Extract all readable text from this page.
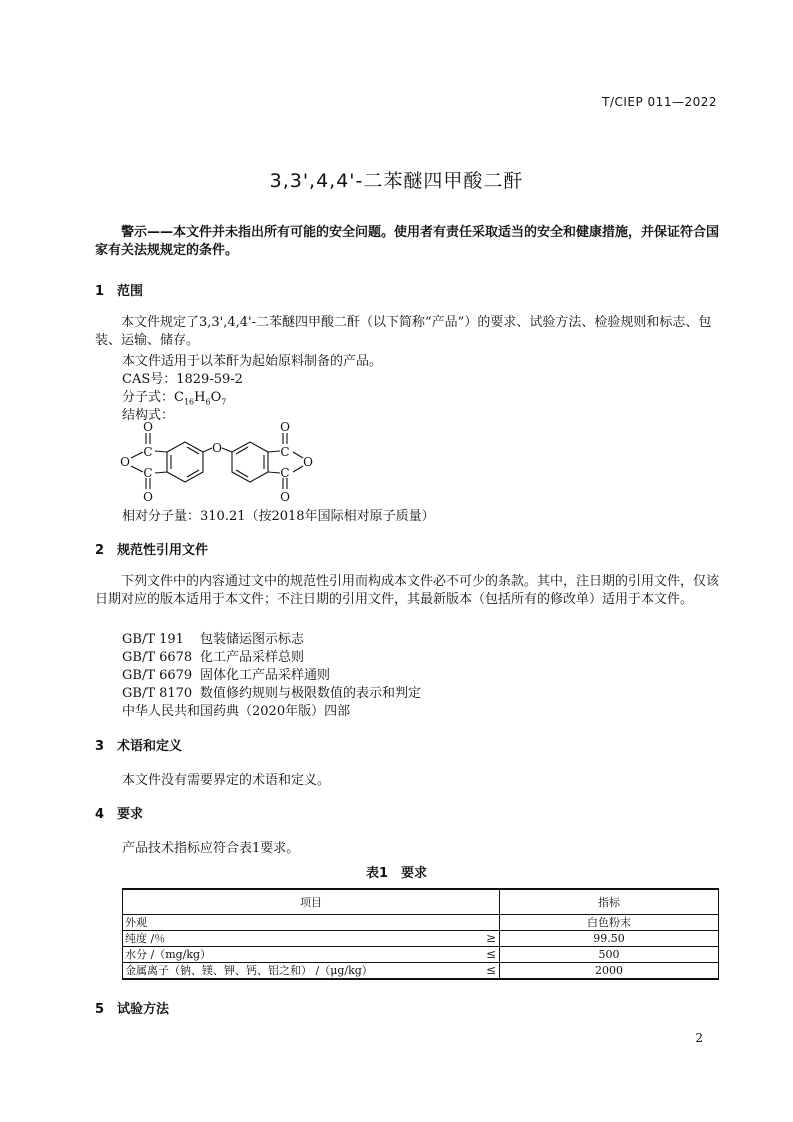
T/CIEP 011—2022
3,3',4,4'-二苯醚四甲酸二酐
警示——本文件并未指出所有可能的安全问题。使用者有责任采取适当的安全和健康措施，并保证符合国家有关法规规定的条件。
1 范围
本文件规定了3,3',4,4'-二苯醚四甲酸二酐（以下简称“产品”）的要求、试验方法、检验规则和标志、包装、运输、储存。
本文件适用于以苯酐为起始原料制备的产品。
CAS号：1829-59-2
分子式：$C_{16}H_6O_7$
结构式：
O
C
O
C
O
O
O
C
O
C
O
相对分子量：310.21（按2018年国际相对原子质量）
2 规范性引用文件
下列文件中的内容通过文中的规范性引用而构成本文件必不可少的条款。其中，注日期的引用文件，仅该日期对应的版本适用于本文件；不注日期的引用文件，其最新版本（包括所有的修改单）适用于本文件。
GB/T 191 包装储运图示标志
GB/T 6678 化工产品采样总则
GB/T 6679 固体化工产品采样通则
GB/T 8170 数值修约规则与极限数值的表示和判定
中华人民共和国药典（2020年版）四部
3 术语和定义
本文件没有需要界定的术语和定义。
4 要求
产品技术指标应符合表1要求。
表1　要求
项目	指标
外观	白色粉末
纯度 /％ ≥	99.50
水分 /（mg/kg） ≤	500
金属离子（钠、镁、钾、钙、铝之和） /（μg/kg） ≤	2000
5 试验方法
2
